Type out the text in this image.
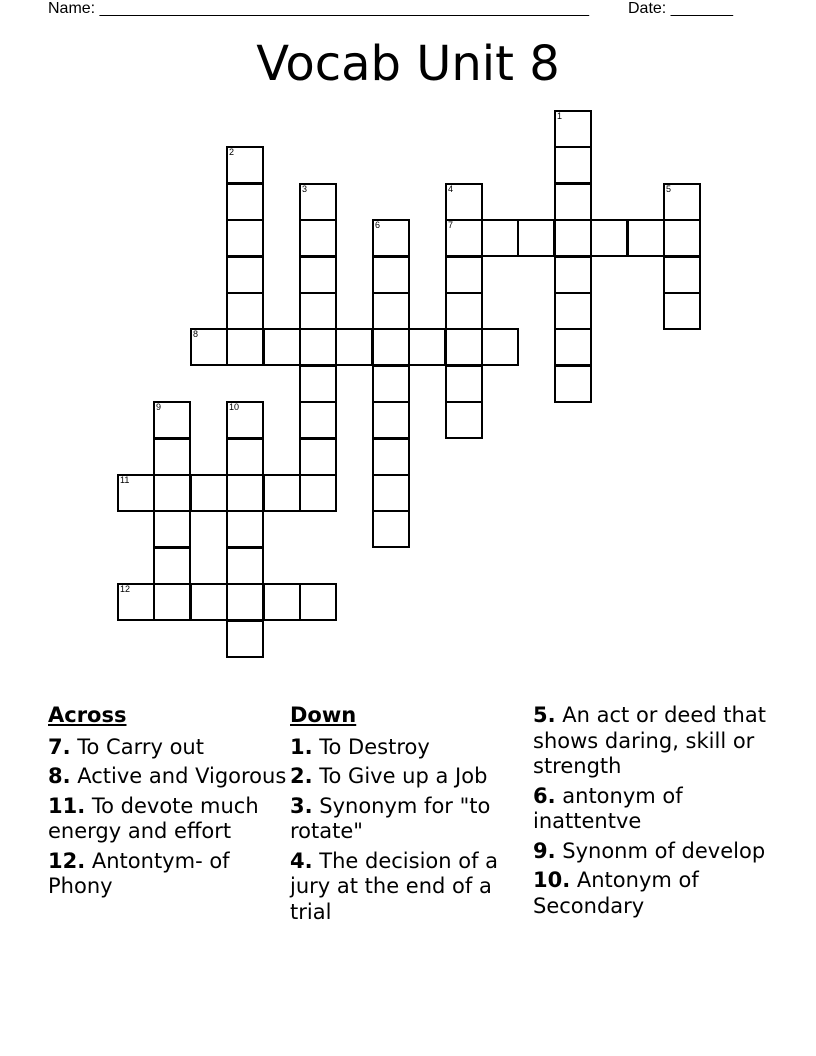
Name: _______________________________________________________ Date: _______
Vocab Unit 8
1
2
3	4	5
6	7
8
9	10
11
12
Across
7. To Carry out
8. Active and Vigorous
11. To devote much energy and effort
12. Antontym- of Phony
Down
1. To Destroy
2. To Give up a Job
3. Synonym for "to rotate"
4. The decision of a jury at the end of a trial
5. An act or deed that shows daring, skill or strength
6. antonym of inattentve
9. Synonm of develop
10. Antonym of Secondary
